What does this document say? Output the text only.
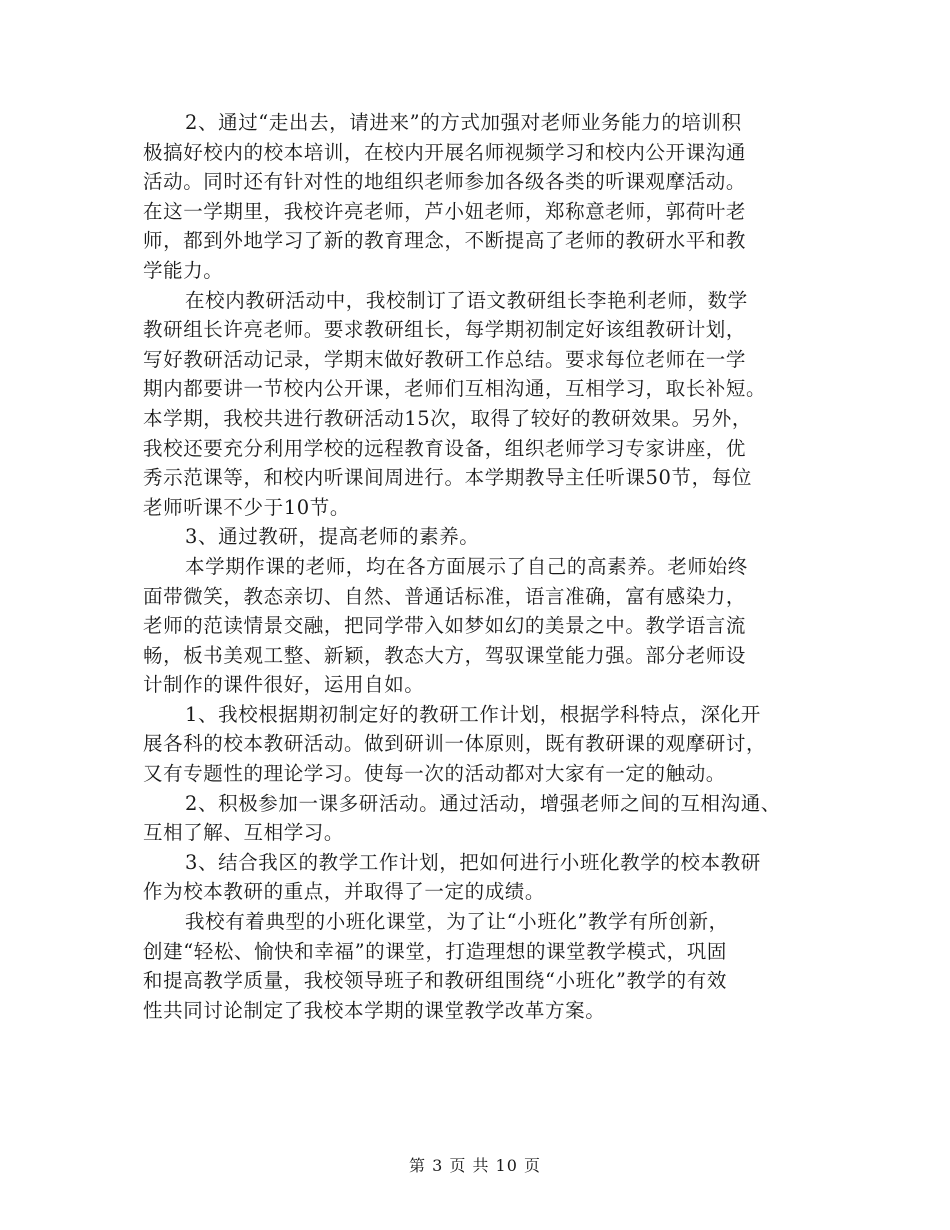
2、通过“走出去，请进来”的方式加强对老师业务能力的培训积
极搞好校内的校本培训，在校内开展名师视频学习和校内公开课沟通
活动。同时还有针对性的地组织老师参加各级各类的听课观摩活动。
在这一学期里，我校许亮老师，芦小妞老师，郑称意老师，郭荷叶老
师，都到外地学习了新的教育理念，不断提高了老师的教研水平和教
学能力。
在校内教研活动中，我校制订了语文教研组长李艳利老师，数学
教研组长许亮老师。要求教研组长，每学期初制定好该组教研计划，
写好教研活动记录，学期末做好教研工作总结。要求每位老师在一学
期内都要讲一节校内公开课，老师们互相沟通，互相学习，取长补短。
本学期，我校共进行教研活动15次，取得了较好的教研效果。另外，
我校还要充分利用学校的远程教育设备，组织老师学习专家讲座，优
秀示范课等，和校内听课间周进行。本学期教导主任听课50节，每位
老师听课不少于10节。
3、通过教研，提高老师的素养。
本学期作课的老师，均在各方面展示了自己的高素养。老师始终
面带微笑，教态亲切、自然、普通话标准，语言准确，富有感染力，
老师的范读情景交融，把同学带入如梦如幻的美景之中。教学语言流
畅，板书美观工整、新颖，教态大方，驾驭课堂能力强。部分老师设
计制作的课件很好，运用自如。
1、我校根据期初制定好的教研工作计划，根据学科特点，深化开
展各科的校本教研活动。做到研训一体原则，既有教研课的观摩研讨，
又有专题性的理论学习。使每一次的活动都对大家有一定的触动。
2、积极参加一课多研活动。通过活动，增强老师之间的互相沟通、
互相了解、互相学习。
3、结合我区的教学工作计划，把如何进行小班化教学的校本教研
作为校本教研的重点，并取得了一定的成绩。
我校有着典型的小班化课堂，为了让“小班化”教学有所创新，
创建“轻松、愉快和幸福”的课堂，打造理想的课堂教学模式，巩固
和提高教学质量，我校领导班子和教研组围绕“小班化”教学的有效
性共同讨论制定了我校本学期的课堂教学改革方案。
第 3 页 共 10 页
